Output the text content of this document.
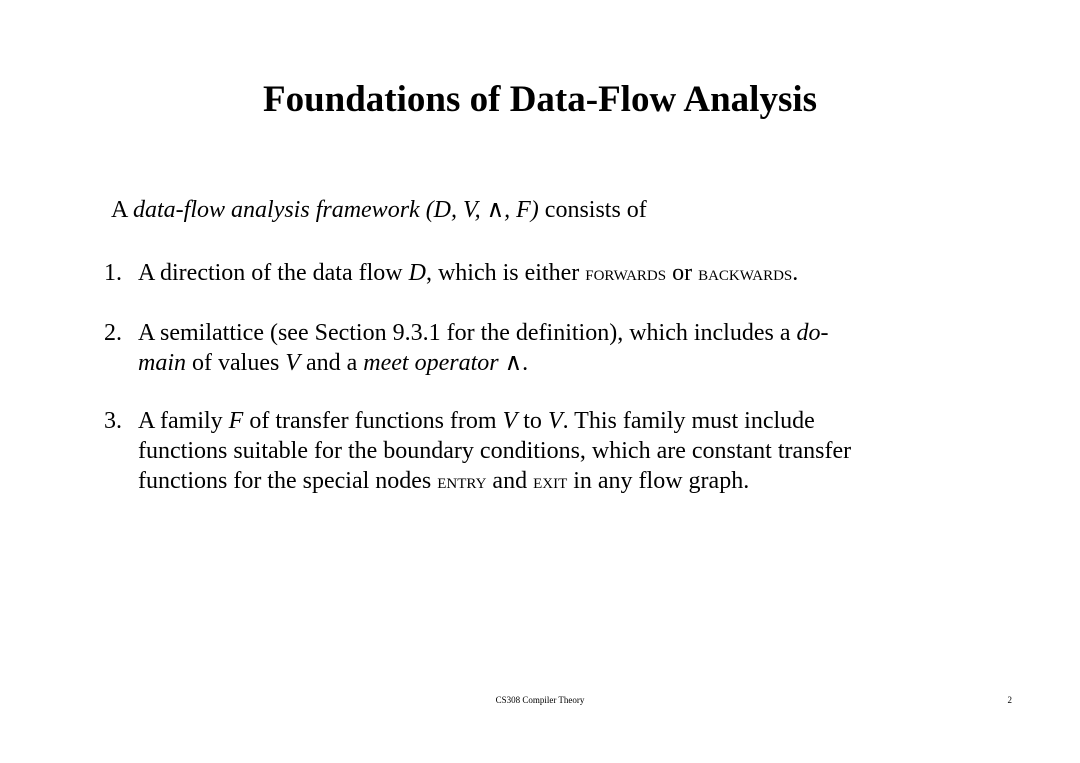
Foundations of Data-Flow Analysis
A data-flow analysis framework (D, V, ∧, F) consists of
1. A direction of the data flow D, which is either forwards or backwards.
2. A semilattice (see Section 9.3.1 for the definition), which includes a do-
main of values V and a meet operator ∧.
3. A family F of transfer functions from V to V. This family must include
functions suitable for the boundary conditions, which are constant transfer
functions for the special nodes entry and exit in any flow graph.
CS308 Compiler Theory	2
